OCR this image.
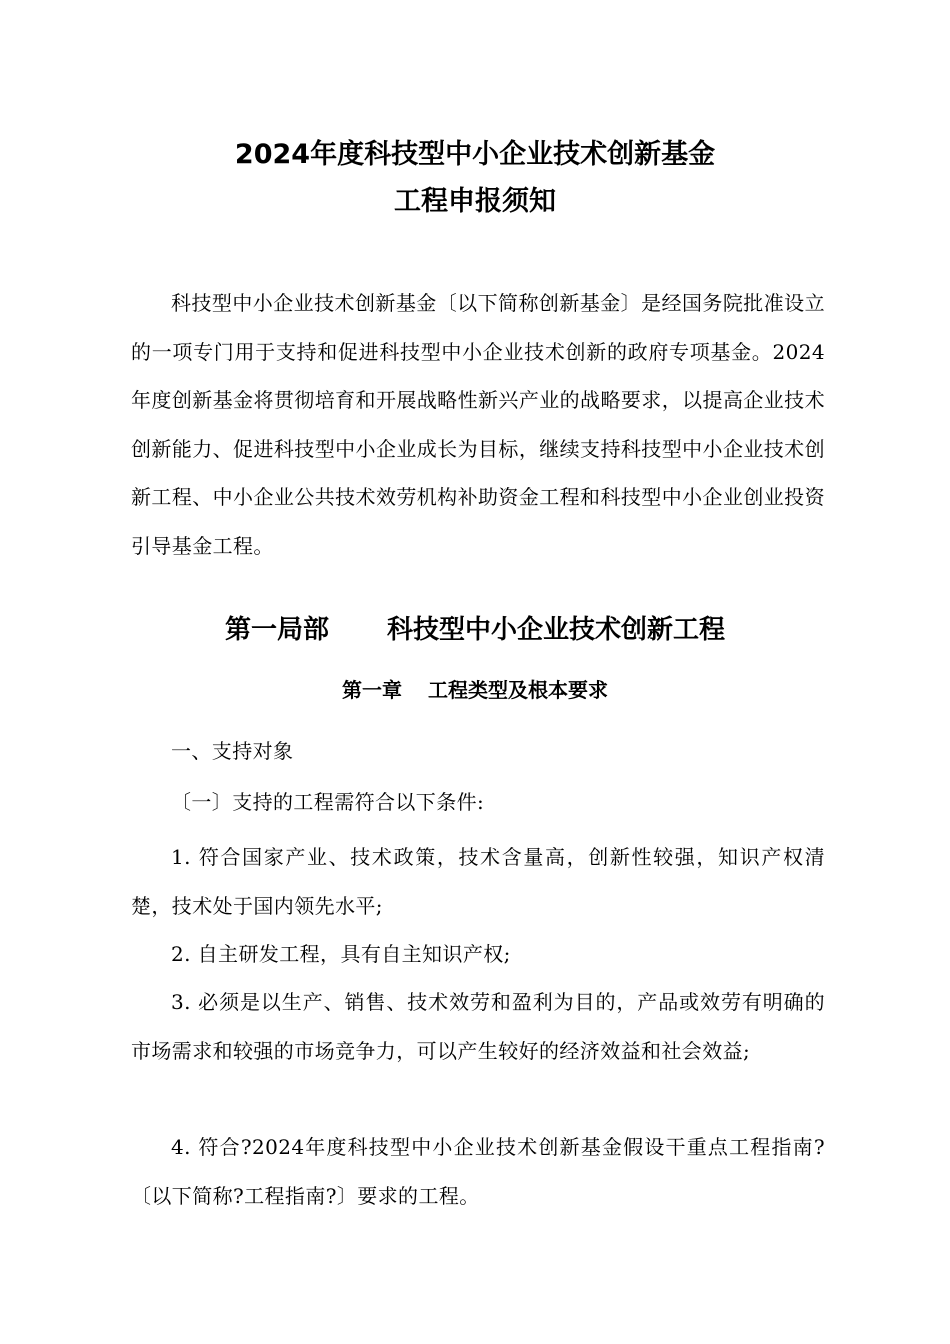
2024年度科技型中小企业技术创新基金
工程申报须知

科技型中小企业技术创新基金〔以下简称创新基金〕是经国务院批准设立的一项专门用于支持和促进科技型中小企业技术创新的政府专项基金。2024年度创新基金将贯彻培育和开展战略性新兴产业的战略要求，以提高企业技术创新能力、促进科技型中小企业成长为目标，继续支持科技型中小企业技术创新工程、中小企业公共技术效劳机构补助资金工程和科技型中小企业创业投资引导基金工程。

第一局部 科技型中小企业技术创新工程
第一章 工程类型及根本要求

一、支持对象

〔一〕支持的工程需符合以下条件:

1. 符合国家产业、技术政策，技术含量高，创新性较强，知识产权清楚，技术处于国内领先水平;

2. 自主研发工程，具有自主知识产权;

3. 必须是以生产、销售、技术效劳和盈利为目的，产品或效劳有明确的市场需求和较强的市场竞争力，可以产生较好的经济效益和社会效益;

4. 符合?2024年度科技型中小企业技术创新基金假设干重点工程指南?〔以下简称?工程指南?〕要求的工程。
